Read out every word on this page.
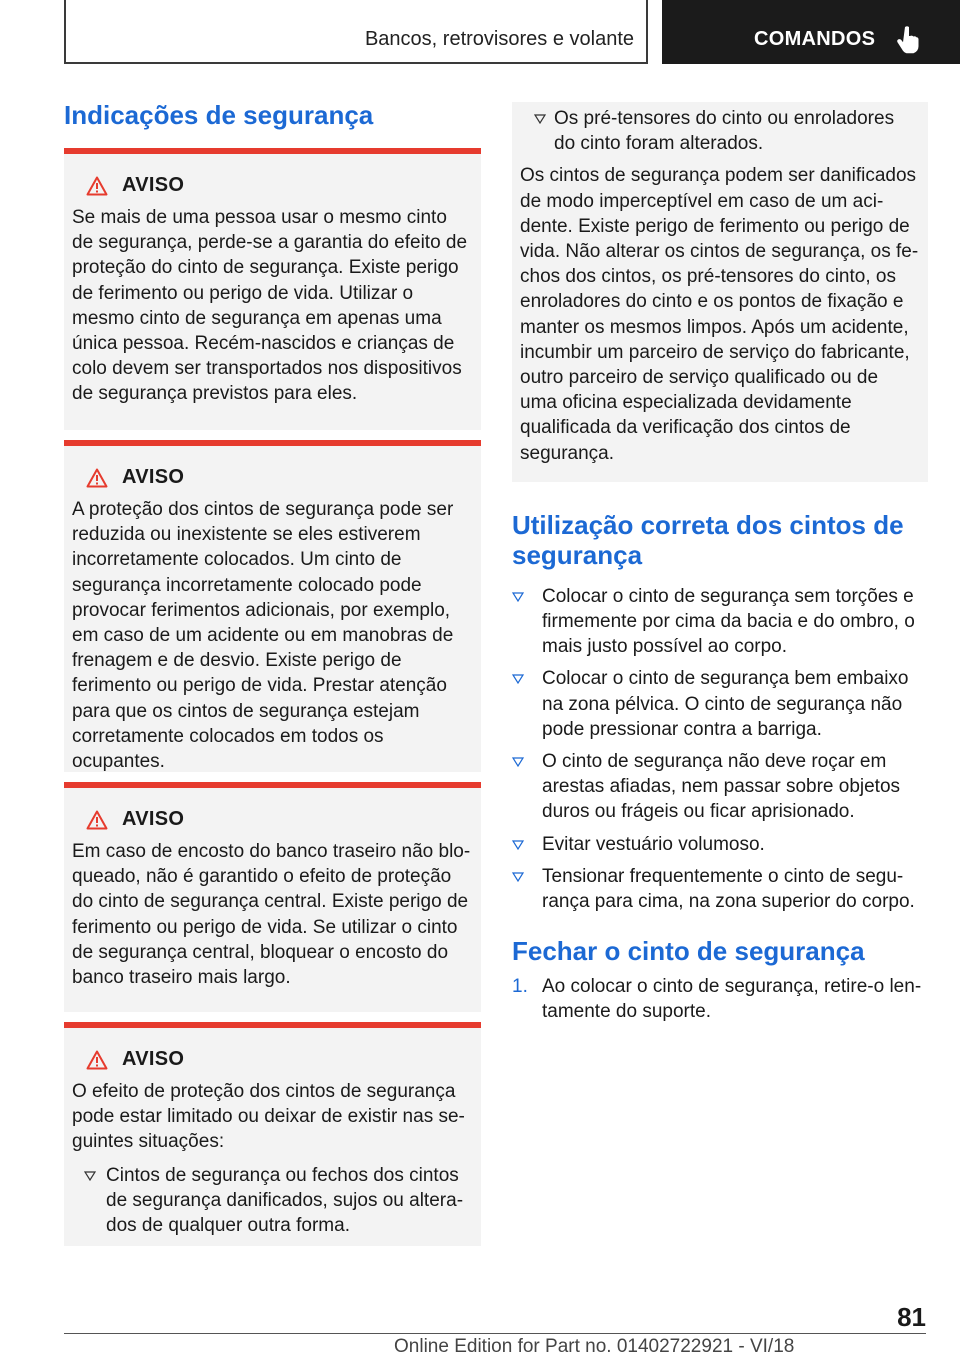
Bancos, retrovisores e volante	COMANDOS
Indicações de segurança
AVISO

Se mais de uma pessoa usar o mesmo cinto de segurança, perde-se a garantia do efeito de proteção do cinto de segurança. Existe perigo de ferimento ou perigo de vida. Utilizar o mesmo cinto de segurança em apenas uma única pessoa. Recém-nascidos e crianças de colo devem ser transportados nos dispositivos de segurança previstos para eles.

AVISO

A proteção dos cintos de segurança pode ser reduzida ou inexistente se eles estiverem incorretamente colocados. Um cinto de segurança incorretamente colocado pode provocar ferimentos adicionais, por exemplo, em caso de um acidente ou em manobras de frenagem e de desvio. Existe perigo de ferimento ou perigo de vida. Prestar atenção para que os cintos de segurança estejam corretamente colocados em todos os ocupantes.

AVISO

Em caso de encosto do banco traseiro não bloqueado, não é garantido o efeito de proteção do cinto de segurança central. Existe perigo de ferimento ou perigo de vida. Se utilizar o cinto de segurança central, bloquear o encosto do banco traseiro mais largo.

AVISO

O efeito de proteção dos cintos de segurança pode estar limitado ou deixar de existir nas seguintes situações:

Cintos de segurança ou fechos dos cintos de segurança danificados, sujos ou alterados de qualquer outra forma.
Os pré-tensores do cinto ou enroladores do cinto foram alterados.

Os cintos de segurança podem ser danificados de modo imperceptível em caso de um acidente. Existe perigo de ferimento ou perigo de vida. Não alterar os cintos de segurança, os fechos dos cintos, os pré-tensores do cinto, os enroladores do cinto e os pontos de fixação e manter os mesmos limpos. Após um acidente, incumbir um parceiro de serviço do fabricante, outro parceiro de serviço qualificado ou de uma oficina especializada devidamente qualificada da verificação dos cintos de segurança.

Utilização correta dos cintos de segurança
Colocar o cinto de segurança sem torções e firmemente por cima da bacia e do ombro, o mais justo possível ao corpo.
Colocar o cinto de segurança bem embaixo na zona pélvica. O cinto de segurança não pode pressionar contra a barriga.
O cinto de segurança não deve roçar em arestas afiadas, nem passar sobre objetos duros ou frágeis ou ficar aprisionado.
Evitar vestuário volumoso.
Tensionar frequentemente o cinto de segurança para cima, na zona superior do corpo.
Fechar o cinto de segurança
1. Ao colocar o cinto de segurança, retire-o lentamente do suporte.
81
Online Edition for Part no. 01402722921 - VI/18
